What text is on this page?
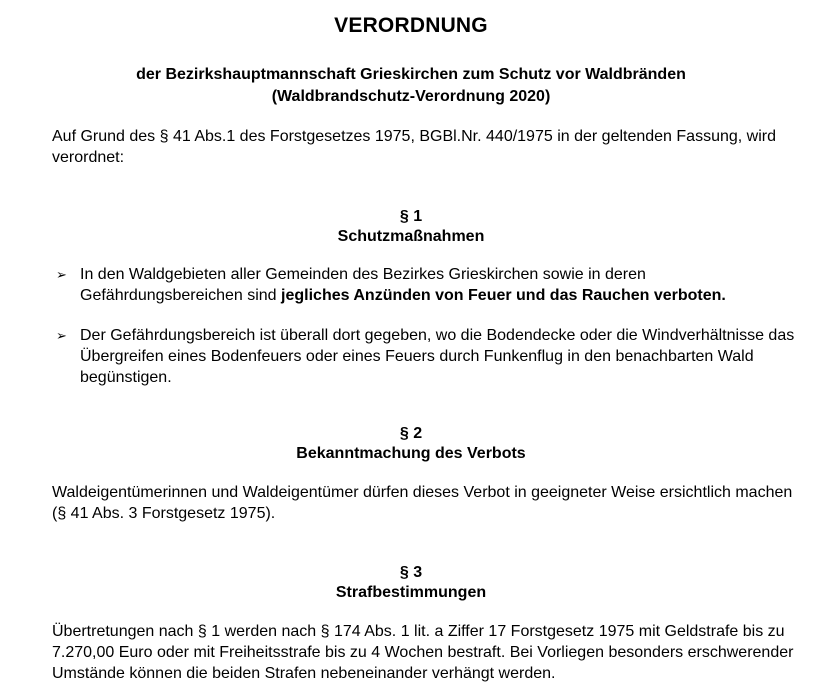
VERORDNUNG
der Bezirkshauptmannschaft Grieskirchen zum Schutz vor Waldbränden
(Waldbrandschutz-Verordnung 2020)
Auf Grund des § 41 Abs.1 des Forstgesetzes 1975, BGBl.Nr. 440/1975 in der geltenden Fassung, wird verordnet:
§ 1
Schutzmaßnahmen
➢ In den Waldgebieten aller Gemeinden des Bezirkes Grieskirchen sowie in deren Gefährdungsbereichen sind jegliches Anzünden von Feuer und das Rauchen verboten.
➢ Der Gefährdungsbereich ist überall dort gegeben, wo die Bodendecke oder die Windverhältnisse das Übergreifen eines Bodenfeuers oder eines Feuers durch Funkenflug in den benachbarten Wald begünstigen.
§ 2
Bekanntmachung des Verbots
Waldeigentümerinnen und Waldeigentümer dürfen dieses Verbot in geeigneter Weise ersichtlich machen (§ 41 Abs. 3 Forstgesetz 1975).
§ 3
Strafbestimmungen
Übertretungen nach § 1 werden nach § 174 Abs. 1 lit. a Ziffer 17 Forstgesetz 1975 mit Geldstrafe bis zu 7.270,00 Euro oder mit Freiheitsstrafe bis zu 4 Wochen bestraft. Bei Vorliegen besonders erschwerender Umstände können die beiden Strafen nebeneinander verhängt werden.
